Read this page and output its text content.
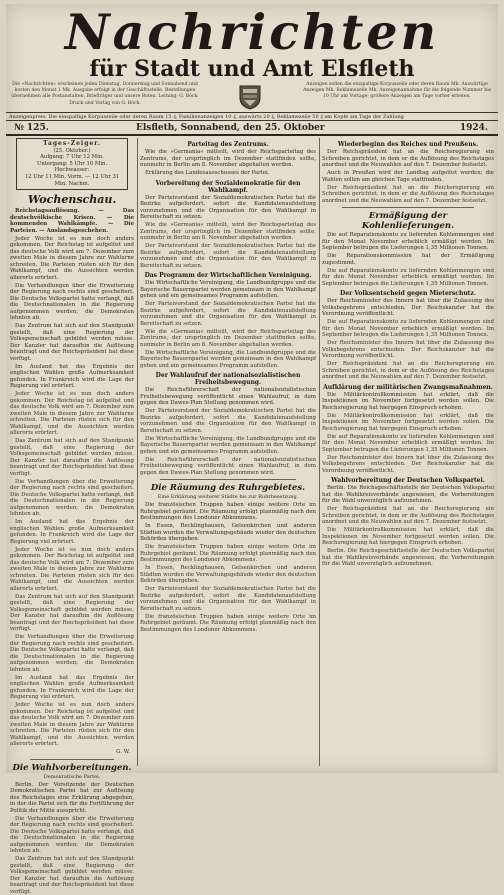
Nachrichten
für Stadt und Amt Elsfleth
Die »Nachrichten« erscheinen jeden Dienstag, Donnerstag und Sonnabend und kosten den Monat 1 Mk. Ausgabe erfolgt in der Geschäftsstelle. Bestellungen übernehmen alle Postanstalten, Briefträger und unsere Boten. Leitung: G. Böck. Druck und Verlag von G. Böck.
Anzeigen sollen die einspaltige Korpuszeile oder deren Raum Mk. Auswärtige Anzeigen Mk. Reklamezeile Mk. Anzeigenannahme für die folgende Nummer bis 10 Uhr am Vortage; größere Anzeigen am Tage vorher erbeten.
Anzeigenpreis: Die einspaltige Korpuszeile oder deren Raum 15 ₰, Familienanzeigen 10 ₰, auswärts 20 ₰, Reklamezeile 50 ₰ am Kopfe am Tage der Zahlung
№ 125.	Elsfleth, Sonnabend, den 25. Oktober	1924.
Tages-Zeiger.
(25. Oktober.)
Aufgang: 7 Uhr 12 Min.
Untergang: 5 Uhr 10 Min.
Hochwasser:
12 Uhr 11 Min. Vorm. — 12 Uhr 31 Min. Nachm.
Wochenschau.

Reichstagsauflösung. — Das deutschvölkische Krisen. — Die kommenden Wahlkämpfe. — Die Parteien. — Auslandsgeschehen.

Jeder Woche ist es nun doch anders gekommen. Der Reichstag ist aufgelöst und das deutsche Volk wird am 7. Dezember zum zweiten Male in diesem Jahre zur Wahlurne schreiten. Die Parteien rüsten sich für den Wahlkampf, und die Aussichten werden allerorts erörtert.

Die Verhandlungen über die Erweiterung der Regierung nach rechts sind gescheitert. Die Deutsche Volkspartei hatte verlangt, daß die Deutschnationalen in die Regierung aufgenommen werden; die Demokraten lehnten ab.

Das Zentrum hat sich auf den Standpunkt gestellt, daß eine Regierung der Volksgemeinschaft gebildet werden müsse. Der Kanzler hat daraufhin die Auflösung beantragt und der Reichspräsident hat diese verfügt.

Im Ausland hat das Ergebnis der englischen Wahlen große Aufmerksamkeit gefunden. In Frankreich wird die Lage der Regierung viel erörtert.

Jeder Woche ist es nun doch anders gekommen. Der Reichstag ist aufgelöst und das deutsche Volk wird am 7. Dezember zum zweiten Male in diesem Jahre zur Wahlurne schreiten. Die Parteien rüsten sich für den Wahlkampf, und die Aussichten werden allerorts erörtert.

Das Zentrum hat sich auf den Standpunkt gestellt, daß eine Regierung der Volksgemeinschaft gebildet werden müsse. Der Kanzler hat daraufhin die Auflösung beantragt und der Reichspräsident hat diese verfügt.

Die Verhandlungen über die Erweiterung der Regierung nach rechts sind gescheitert. Die Deutsche Volkspartei hatte verlangt, daß die Deutschnationalen in die Regierung aufgenommen werden; die Demokraten lehnten ab.

Im Ausland hat das Ergebnis der englischen Wahlen große Aufmerksamkeit gefunden. In Frankreich wird die Lage der Regierung viel erörtert.

Jeder Woche ist es nun doch anders gekommen. Der Reichstag ist aufgelöst und das deutsche Volk wird am 7. Dezember zum zweiten Male in diesem Jahre zur Wahlurne schreiten. Die Parteien rüsten sich für den Wahlkampf, und die Aussichten werden allerorts erörtert.

Das Zentrum hat sich auf den Standpunkt gestellt, daß eine Regierung der Volksgemeinschaft gebildet werden müsse. Der Kanzler hat daraufhin die Auflösung beantragt und der Reichspräsident hat diese verfügt.

Die Verhandlungen über die Erweiterung der Regierung nach rechts sind gescheitert. Die Deutsche Volkspartei hatte verlangt, daß die Deutschnationalen in die Regierung aufgenommen werden; die Demokraten lehnten ab.

Im Ausland hat das Ergebnis der englischen Wahlen große Aufmerksamkeit gefunden. In Frankreich wird die Lage der Regierung viel erörtert.

Jeder Woche ist es nun doch anders gekommen. Der Reichstag ist aufgelöst und das deutsche Volk wird am 7. Dezember zum zweiten Male in diesem Jahre zur Wahlurne schreiten. Die Parteien rüsten sich für den Wahlkampf, und die Aussichten werden allerorts erörtert.

G. W.
Die Wahlvorbereitungen.
Demokratische Partei.

Berlin. Der Vorsitzende der Deutschen Demokratischen Partei hat zur Auflösung des Reichstages eine Erklärung abgegeben, in der die Partei sich für die Fortführung der Politik der Mitte ausspricht.

Die Verhandlungen über die Erweiterung der Regierung nach rechts sind gescheitert. Die Deutsche Volkspartei hatte verlangt, daß die Deutschnationalen in die Regierung aufgenommen werden; die Demokraten lehnten ab.

Das Zentrum hat sich auf den Standpunkt gestellt, daß eine Regierung der Volksgemeinschaft gebildet werden müsse. Der Kanzler hat daraufhin die Auflösung beantragt und der Reichspräsident hat diese verfügt.

Parteitag des Zentrums.

Wie die »Germania« mitteilt, wird der Reichsparteitag des Zentrums, der ursprünglich im Dezember stattfinden sollte, nunmehr in Berlin am 8. November abgehalten werden.

Erklärung des Landesausschusses der Partei.

Vorbereitung der Sozialdemokratie für den Wahlkampf.

Der Parteivorstand der Sozialdemokratischen Partei hat die Bezirke aufgefordert, sofort die Kandidatenaufstellung vorzunehmen und die Organisation für den Wahlkampf in Bereitschaft zu setzen.

Wie die »Germania« mitteilt, wird der Reichsparteitag des Zentrums, der ursprünglich im Dezember stattfinden sollte, nunmehr in Berlin am 8. November abgehalten werden.

Der Parteivorstand der Sozialdemokratischen Partei hat die Bezirke aufgefordert, sofort die Kandidatenaufstellung vorzunehmen und die Organisation für den Wahlkampf in Bereitschaft zu setzen.

Das Programm der Wirtschaftlichen Vereinigung.

Die Wirtschaftliche Vereinigung, die Landbundgruppe und die Bayerische Bauernpartei werden gemeinsam in den Wahlkampf gehen und ein gemeinsames Programm aufstellen.

Der Parteivorstand der Sozialdemokratischen Partei hat die Bezirke aufgefordert, sofort die Kandidatenaufstellung vorzunehmen und die Organisation für den Wahlkampf in Bereitschaft zu setzen.

Wie die »Germania« mitteilt, wird der Reichsparteitag des Zentrums, der ursprünglich im Dezember stattfinden sollte, nunmehr in Berlin am 8. November abgehalten werden.

Die Wirtschaftliche Vereinigung, die Landbundgruppe und die Bayerische Bauernpartei werden gemeinsam in den Wahlkampf gehen und ein gemeinsames Programm aufstellen.

Der Wahlaufruf der nationalsozialistischen Freiheitsbewegung.

Die Reichsführerschaft der nationalsozialistischen Freiheitsbewegung veröffentlicht einen Wahlaufruf, in dem gegen den Dawes-Plan Stellung genommen wird.

Der Parteivorstand der Sozialdemokratischen Partei hat die Bezirke aufgefordert, sofort die Kandidatenaufstellung vorzunehmen und die Organisation für den Wahlkampf in Bereitschaft zu setzen.

Die Wirtschaftliche Vereinigung, die Landbundgruppe und die Bayerische Bauernpartei werden gemeinsam in den Wahlkampf gehen und ein gemeinsames Programm aufstellen.

Die Reichsführerschaft der nationalsozialistischen Freiheitsbewegung veröffentlicht einen Wahlaufruf, in dem gegen den Dawes-Plan Stellung genommen wird.

Die Räumung des Ruhrgebietes.
Eine Erklärung weiterer Städte bis zur Ruhrbesetzung.

Die französischen Truppen haben einige weitere Orte im Ruhrgebiet geräumt. Die Räumung erfolgt planmäßig nach den Bestimmungen des Londoner Abkommens.

In Essen, Recklinghausen, Gelsenkirchen und anderen Städten wurden die Verwaltungsgebäude wieder den deutschen Behörden übergeben.

Die französischen Truppen haben einige weitere Orte im Ruhrgebiet geräumt. Die Räumung erfolgt planmäßig nach den Bestimmungen des Londoner Abkommens.

In Essen, Recklinghausen, Gelsenkirchen und anderen Städten wurden die Verwaltungsgebäude wieder den deutschen Behörden übergeben.

Der Parteivorstand der Sozialdemokratischen Partei hat die Bezirke aufgefordert, sofort die Kandidatenaufstellung vorzunehmen und die Organisation für den Wahlkampf in Bereitschaft zu setzen.

Die französischen Truppen haben einige weitere Orte im Ruhrgebiet geräumt. Die Räumung erfolgt planmäßig nach den Bestimmungen des Londoner Abkommens.

Wiederbeginn des Reiches und Preußens.

Der Reichspräsident hat an die Reichsregierung ein Schreiben gerichtet, in dem er die Auflösung des Reichstages anordnet und die Neuwahlen auf den 7. Dezember festsetzt.

Auch in Preußen wird der Landtag aufgelöst werden; die Wahlen sollen am gleichen Tage stattfinden.

Der Reichspräsident hat an die Reichsregierung ein Schreiben gerichtet, in dem er die Auflösung des Reichstages anordnet und die Neuwahlen auf den 7. Dezember festsetzt.

Ermäßigung der Kohlenlieferungen.

Die auf Reparationskonto zu liefernden Kohlenmengen sind für den Monat November erheblich ermäßigt worden. Im September betrugen die Lieferungen 1,35 Millionen Tonnen.

Die Reparationskommission hat der Ermäßigung zugestimmt.

Die auf Reparationskonto zu liefernden Kohlenmengen sind für den Monat November erheblich ermäßigt worden. Im September betrugen die Lieferungen 1,35 Millionen Tonnen.

Der Volksentscheid gegen Mieterschutz.

Der Reichsminister des Innern hat über die Zulassung des Volksbegehrens entschieden. Der Reichskanzler hat die Verordnung veröffentlicht.

Die auf Reparationskonto zu liefernden Kohlenmengen sind für den Monat November erheblich ermäßigt worden. Im September betrugen die Lieferungen 1,35 Millionen Tonnen.

Der Reichsminister des Innern hat über die Zulassung des Volksbegehrens entschieden. Der Reichskanzler hat die Verordnung veröffentlicht.

Der Reichspräsident hat an die Reichsregierung ein Schreiben gerichtet, in dem er die Auflösung des Reichstages anordnet und die Neuwahlen auf den 7. Dezember festsetzt.

Aufklärung der militärischen Zwangsmaßnahmen.

Die Militärkontrollkommission hat erklärt, daß die Inspektionen im November fortgesetzt werden sollen. Die Reichsregierung hat hiergegen Einspruch erhoben.

Die Militärkontrollkommission hat erklärt, daß die Inspektionen im November fortgesetzt werden sollen. Die Reichsregierung hat hiergegen Einspruch erhoben.

Die auf Reparationskonto zu liefernden Kohlenmengen sind für den Monat November erheblich ermäßigt worden. Im September betrugen die Lieferungen 1,35 Millionen Tonnen.

Der Reichsminister des Innern hat über die Zulassung des Volksbegehrens entschieden. Der Reichskanzler hat die Verordnung veröffentlicht.

Wahlvorbereitung der Deutschen Volkspartei.

Berlin. Die Reichsgeschäftsstelle der Deutschen Volkspartei hat die Wahlkreisverbände angewiesen, die Vorbereitungen für die Wahl unverzüglich aufzunehmen.

Der Reichspräsident hat an die Reichsregierung ein Schreiben gerichtet, in dem er die Auflösung des Reichstages anordnet und die Neuwahlen auf den 7. Dezember festsetzt.

Die Militärkontrollkommission hat erklärt, daß die Inspektionen im November fortgesetzt werden sollen. Die Reichsregierung hat hiergegen Einspruch erhoben.

Berlin. Die Reichsgeschäftsstelle der Deutschen Volkspartei hat die Wahlkreisverbände angewiesen, die Vorbereitungen für die Wahl unverzüglich aufzunehmen.
